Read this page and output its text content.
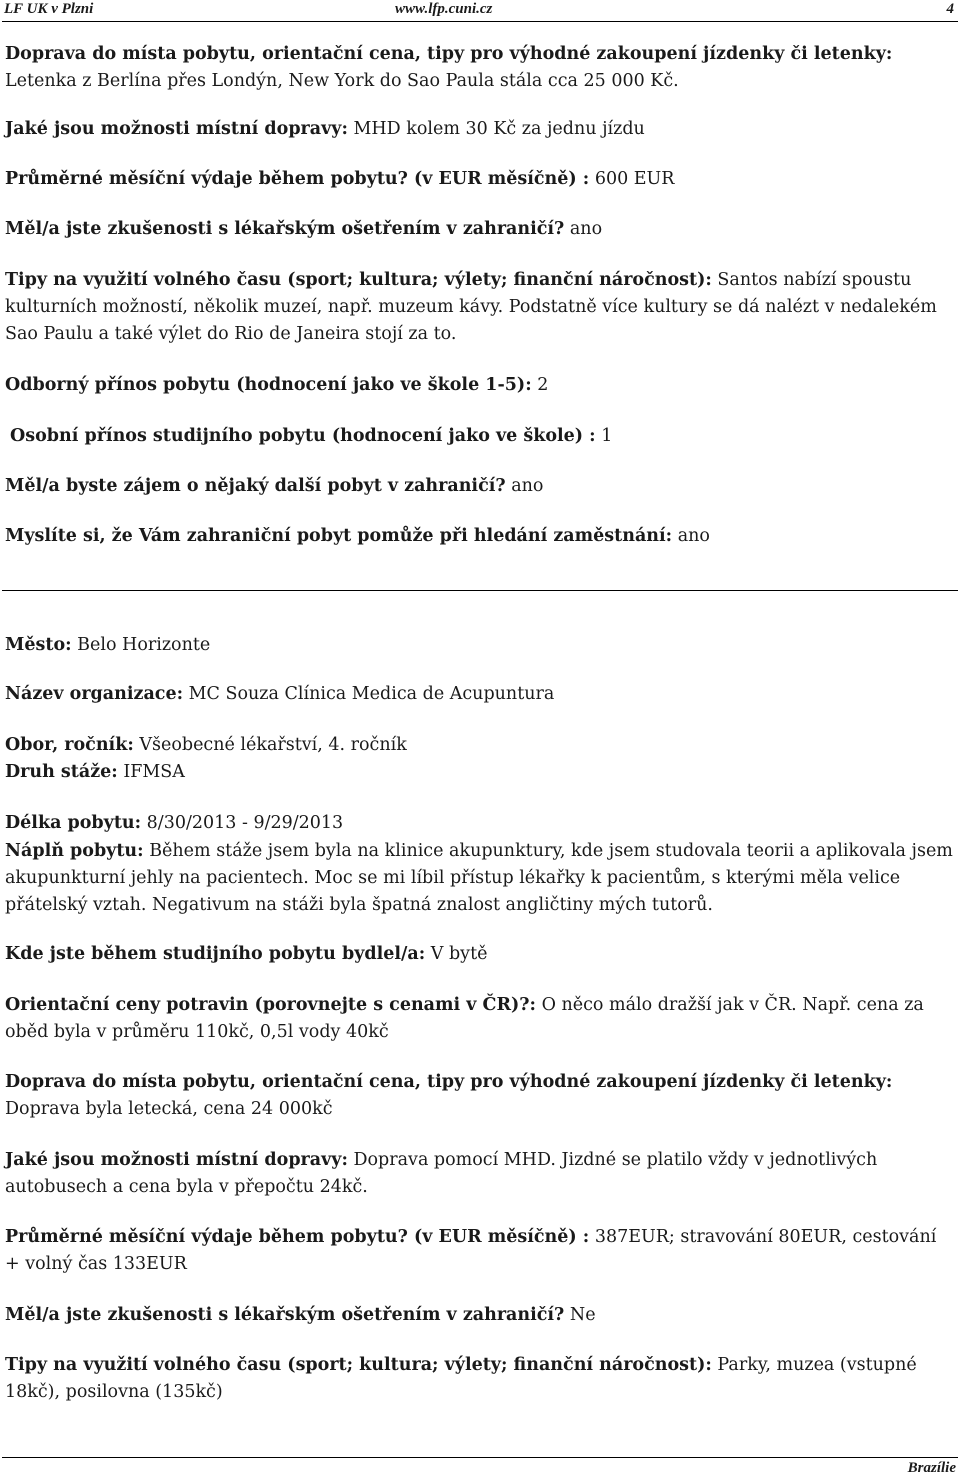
LF UK v Plzni	www.lfp.cuni.cz	4

Doprava do místa pobytu, orientační cena, tipy pro výhodné zakoupení jízdenky či letenky: Letenka z Berlína přes Londýn, New York do Sao Paula stála cca 25 000 Kč.

Jaké jsou možnosti místní dopravy: MHD kolem 30 Kč za jednu jízdu

Průměrné měsíční výdaje během pobytu? (v EUR měsíčně) : 600 EUR

Měl/a jste zkušenosti s lékařským ošetřením v zahraničí? ano

Tipy na využití volného času (sport; kultura; výlety; finanční náročnost): Santos nabízí spoustu kulturních možností, několik muzeí, např. muzeum kávy. Podstatně více kultury se dá nalézt v nedalekém Sao Paulu a také výlet do Rio de Janeira stojí za to.

Odborný přínos pobytu (hodnocení jako ve škole 1-5): 2

Osobní přínos studijního pobytu (hodnocení jako ve škole) : 1

Měl/a byste zájem o nějaký další pobyt v zahraničí? ano

Myslíte si, že Vám zahraniční pobyt pomůže při hledání zaměstnání: ano

Město: Belo Horizonte

Název organizace: MC Souza Clínica Medica de Acupuntura

Obor, ročník: Všeobecné lékařství, 4. ročník

Druh stáže: IFMSA

Délka pobytu: 8/30/2013 - 9/29/2013

Náplň pobytu: Během stáže jsem byla na klinice akupunktury, kde jsem studovala teorii a aplikovala jsem akupunkturní jehly na pacientech. Moc se mi líbil přístup lékařky k pacientům, s kterými měla velice přátelský vztah. Negativum na stáži byla špatná znalost angličtiny mých tutorů.

Kde jste během studijního pobytu bydlel/a: V bytě

Orientační ceny potravin (porovnejte s cenami v ČR)?: O něco málo dražší jak v ČR. Např. cena za oběd byla v průměru 110kč, 0,5l vody 40kč

Doprava do místa pobytu, orientační cena, tipy pro výhodné zakoupení jízdenky či letenky: Doprava byla letecká, cena 24 000kč

Jaké jsou možnosti místní dopravy: Doprava pomocí MHD. Jizdné se platilo vždy v jednotlivých autobusech a cena byla v přepočtu 24kč.

Průměrné měsíční výdaje během pobytu? (v EUR měsíčně) : 387EUR; stravování 80EUR, cestování + volný čas 133EUR

Měl/a jste zkušenosti s lékařským ošetřením v zahraničí? Ne

Tipy na využití volného času (sport; kultura; výlety; finanční náročnost): Parky, muzea (vstupné 18kč), posilovna (135kč)

Brazílie
